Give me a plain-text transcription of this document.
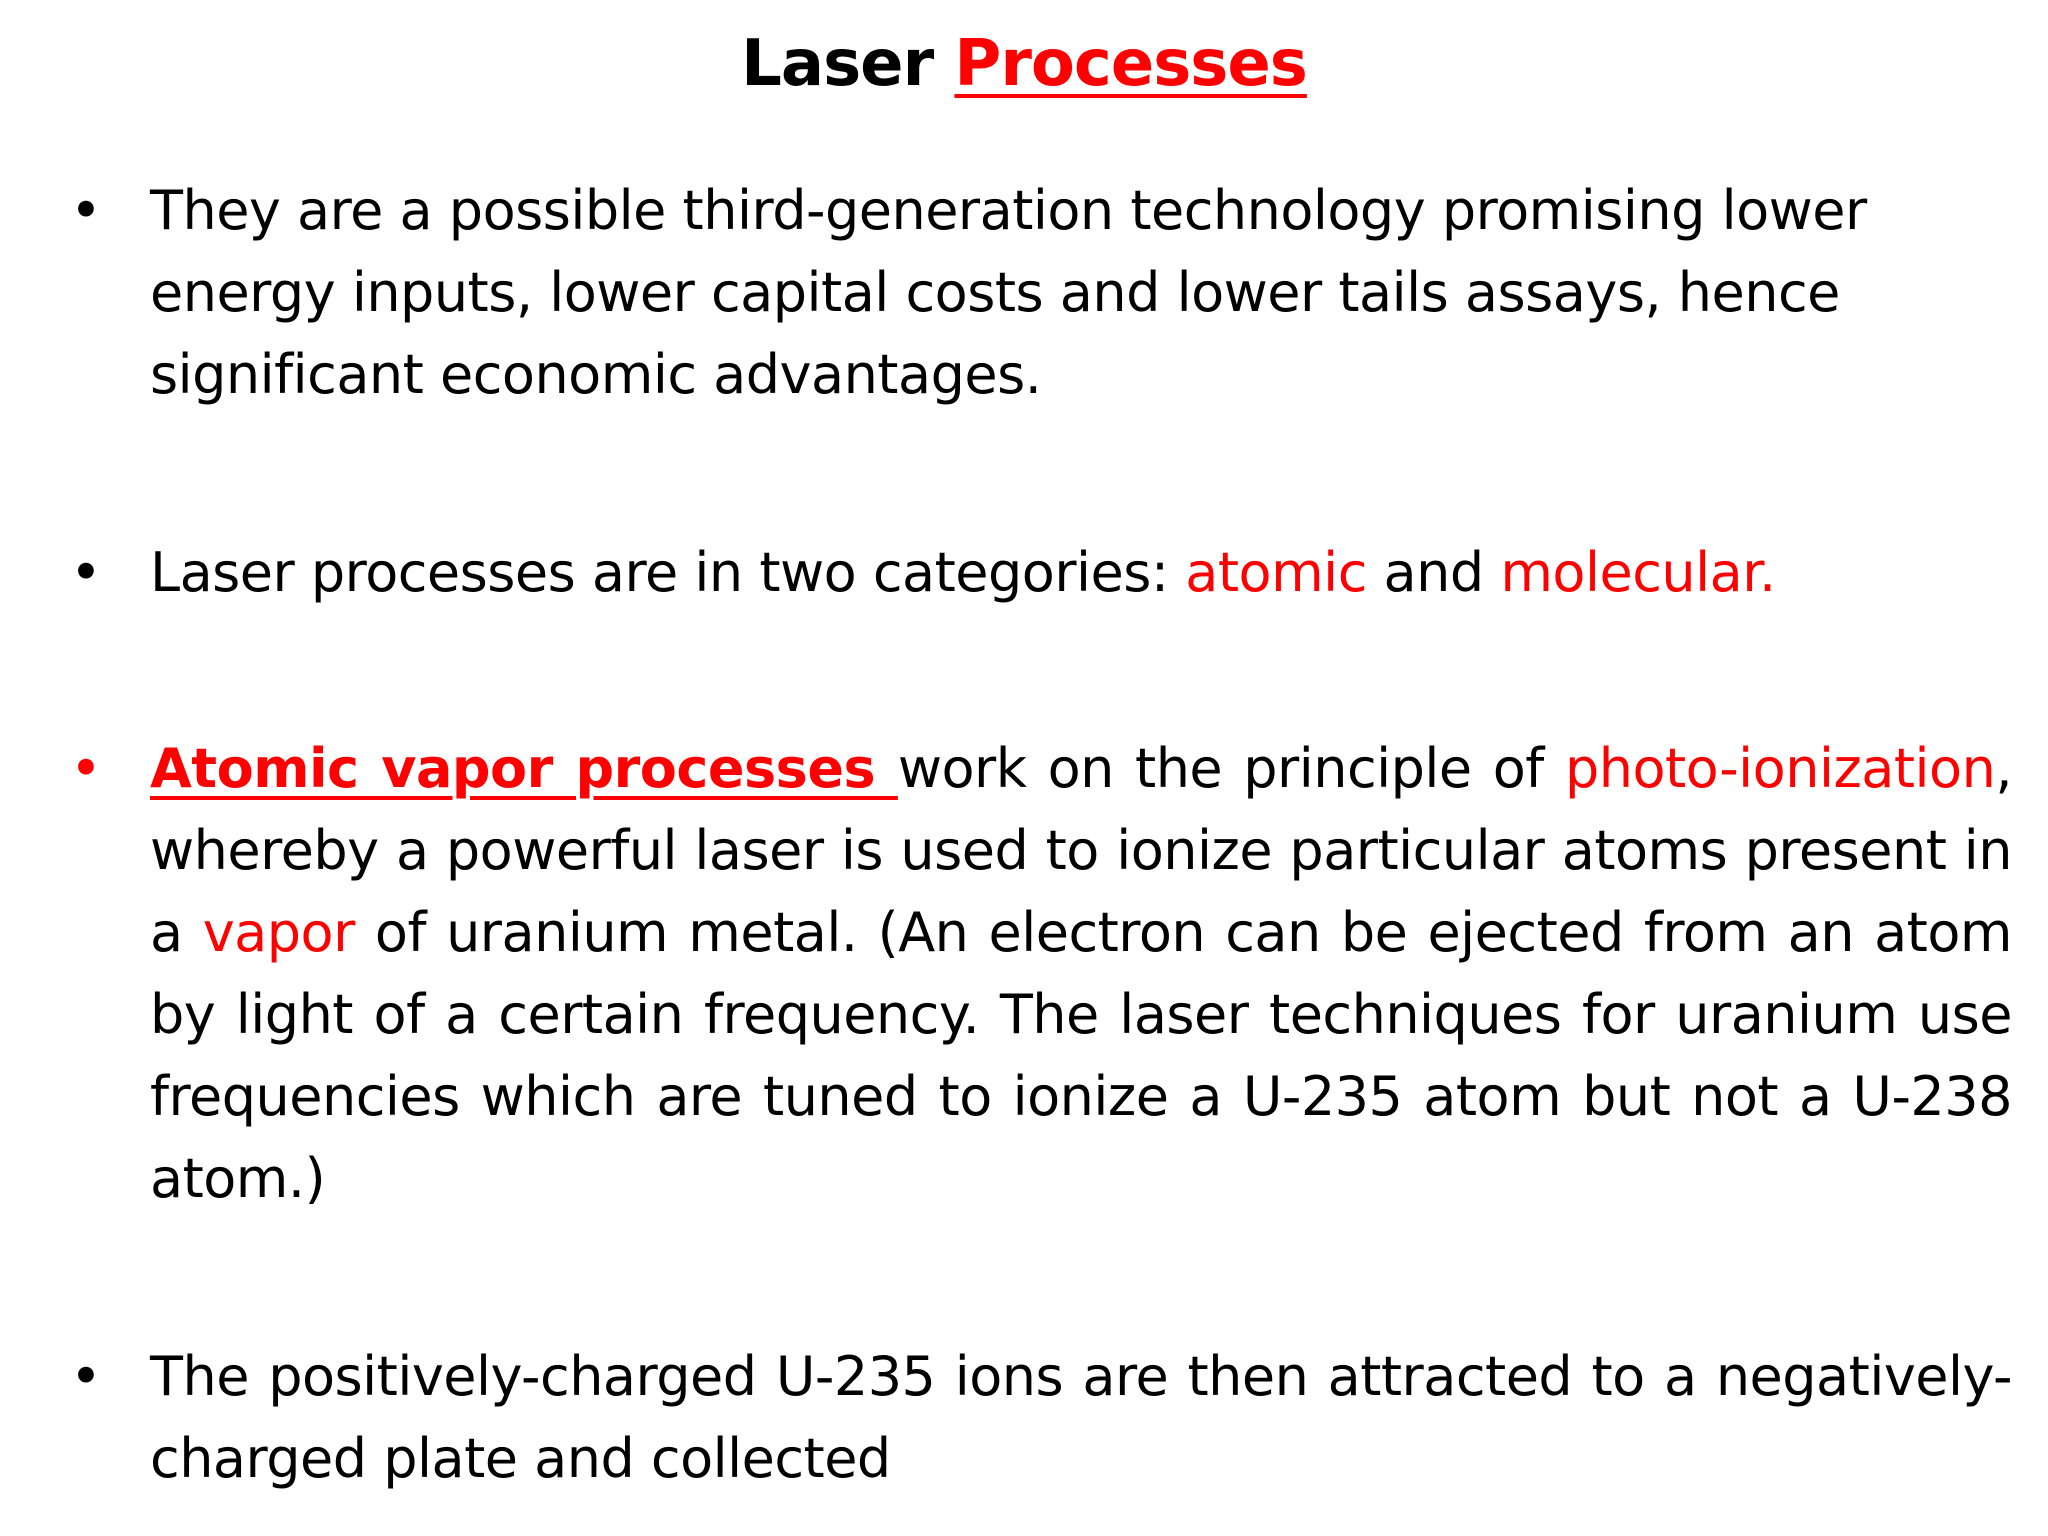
Laser Processes
• They are a possible third-generation technology promising lower energy inputs, lower capital costs and lower tails assays, hence significant economic advantages.
• Laser processes are in two categories: atomic and molecular.
• Atomic vapor processes work on the principle of photo-ionization, whereby a powerful laser is used to ionize particular atoms present in a vapor of uranium metal. (An electron can be ejected from an atom by light of a certain frequency. The laser techniques for uranium use frequencies which are tuned to ionize a U-235 atom but not a U-238 atom.)
• The positively-charged U-235 ions are then attracted to a negatively-charged plate and collected
